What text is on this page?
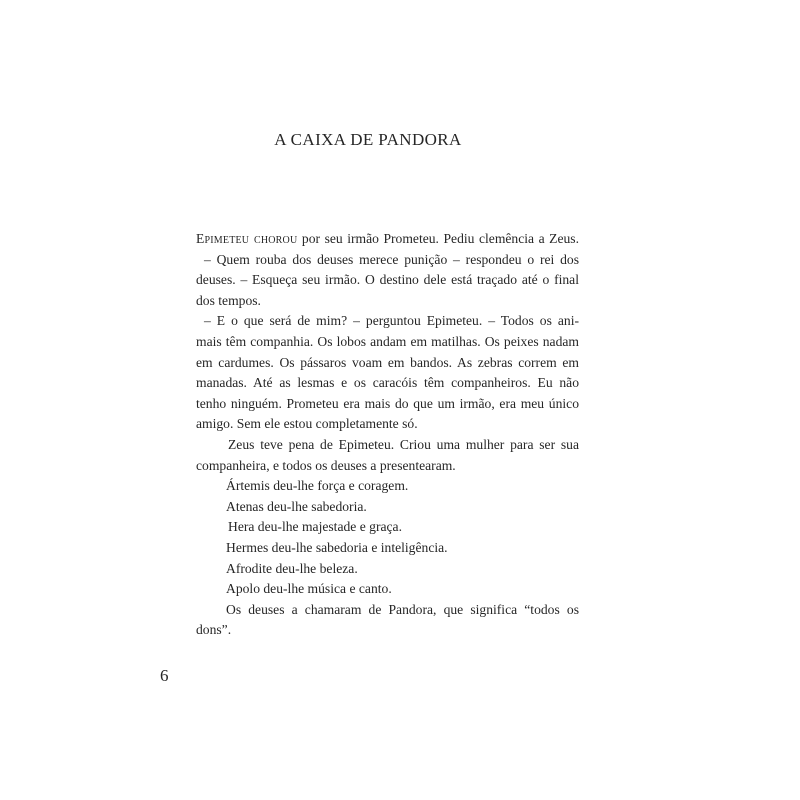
A CAIXA DE PANDORA
Epimeteu chorou por seu irmão Prometeu. Pediu clemência a Zeus.
– Quem rouba dos deuses merece punição – respondeu o rei dos
deuses. – Esqueça seu irmão. O destino dele está traçado até o final
dos tempos.
– E o que será de mim? – perguntou Epimeteu. – Todos os ani-
mais têm companhia. Os lobos andam em matilhas. Os peixes nadam
em cardumes. Os pássaros voam em bandos. As zebras correm em
manadas. Até as lesmas e os caracóis têm companheiros. Eu não
tenho ninguém. Prometeu era mais do que um irmão, era meu único
amigo. Sem ele estou completamente só.
Zeus teve pena de Epimeteu. Criou uma mulher para ser sua
companheira, e todos os deuses a presentearam.
Ártemis deu-lhe força e coragem.
Atenas deu-lhe sabedoria.
Hera deu-lhe majestade e graça.
Hermes deu-lhe sabedoria e inteligência.
Afrodite deu-lhe beleza.
Apolo deu-lhe música e canto.
Os deuses a chamaram de Pandora, que significa “todos os
dons”.
6
